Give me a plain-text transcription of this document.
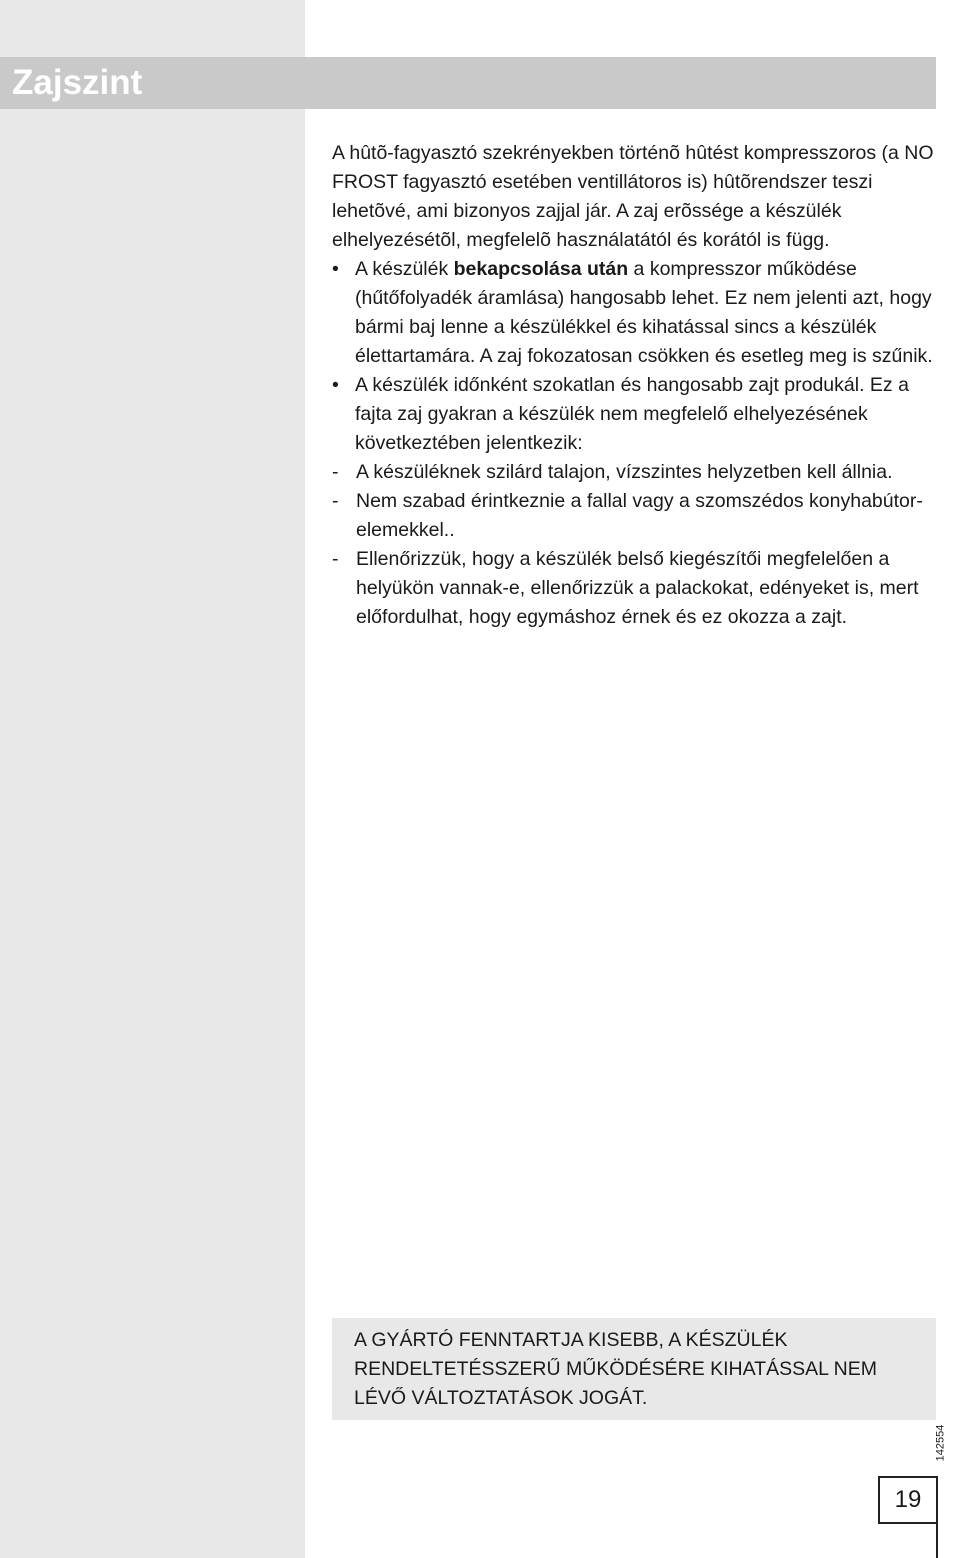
Zajszint

A hûtõ-fagyasztó szekrényekben történõ hûtést kompresszoros (a NO FROST fagyasztó esetében ventillátoros is) hûtõrendszer teszi lehetõvé, ami bizonyos zajjal jár. A zaj erõssége a készülék elhelyezésétõl, megfelelõ használatától és korától is függ.

• A készülék bekapcsolása után a kompresszor működése (hűtőfolyadék áramlása) hangosabb lehet. Ez nem jelenti azt, hogy bármi baj lenne a készülékkel és kihatással sincs a készülék élettartamára. A zaj fokozatosan csökken és esetleg meg is szűnik.

• A készülék időnként szokatlan és hangosabb zajt produkál. Ez a fajta zaj gyakran a készülék nem megfelelő elhelyezésének következtében jelentkezik:

- A készüléknek szilárd talajon, vízszintes helyzetben kell állnia.

- Nem szabad érintkeznie a fallal vagy a szomszédos konyhabútor-elemekkel..

- Ellenőrizzük, hogy a készülék belső kiegészítői megfelelően a helyükön vannak-e, ellenőrizzük a palackokat, edényeket is, mert előfordulhat, hogy egymáshoz érnek és ez okozza a zajt.

A GYÁRTÓ FENNTARTJA KISEBB, A KÉSZÜLÉK RENDELTETÉSSZERŰ MŰKÖDÉSÉRE KIHATÁSSAL NEM LÉVŐ VÁLTOZTATÁSOK JOGÁT.
142554
19
